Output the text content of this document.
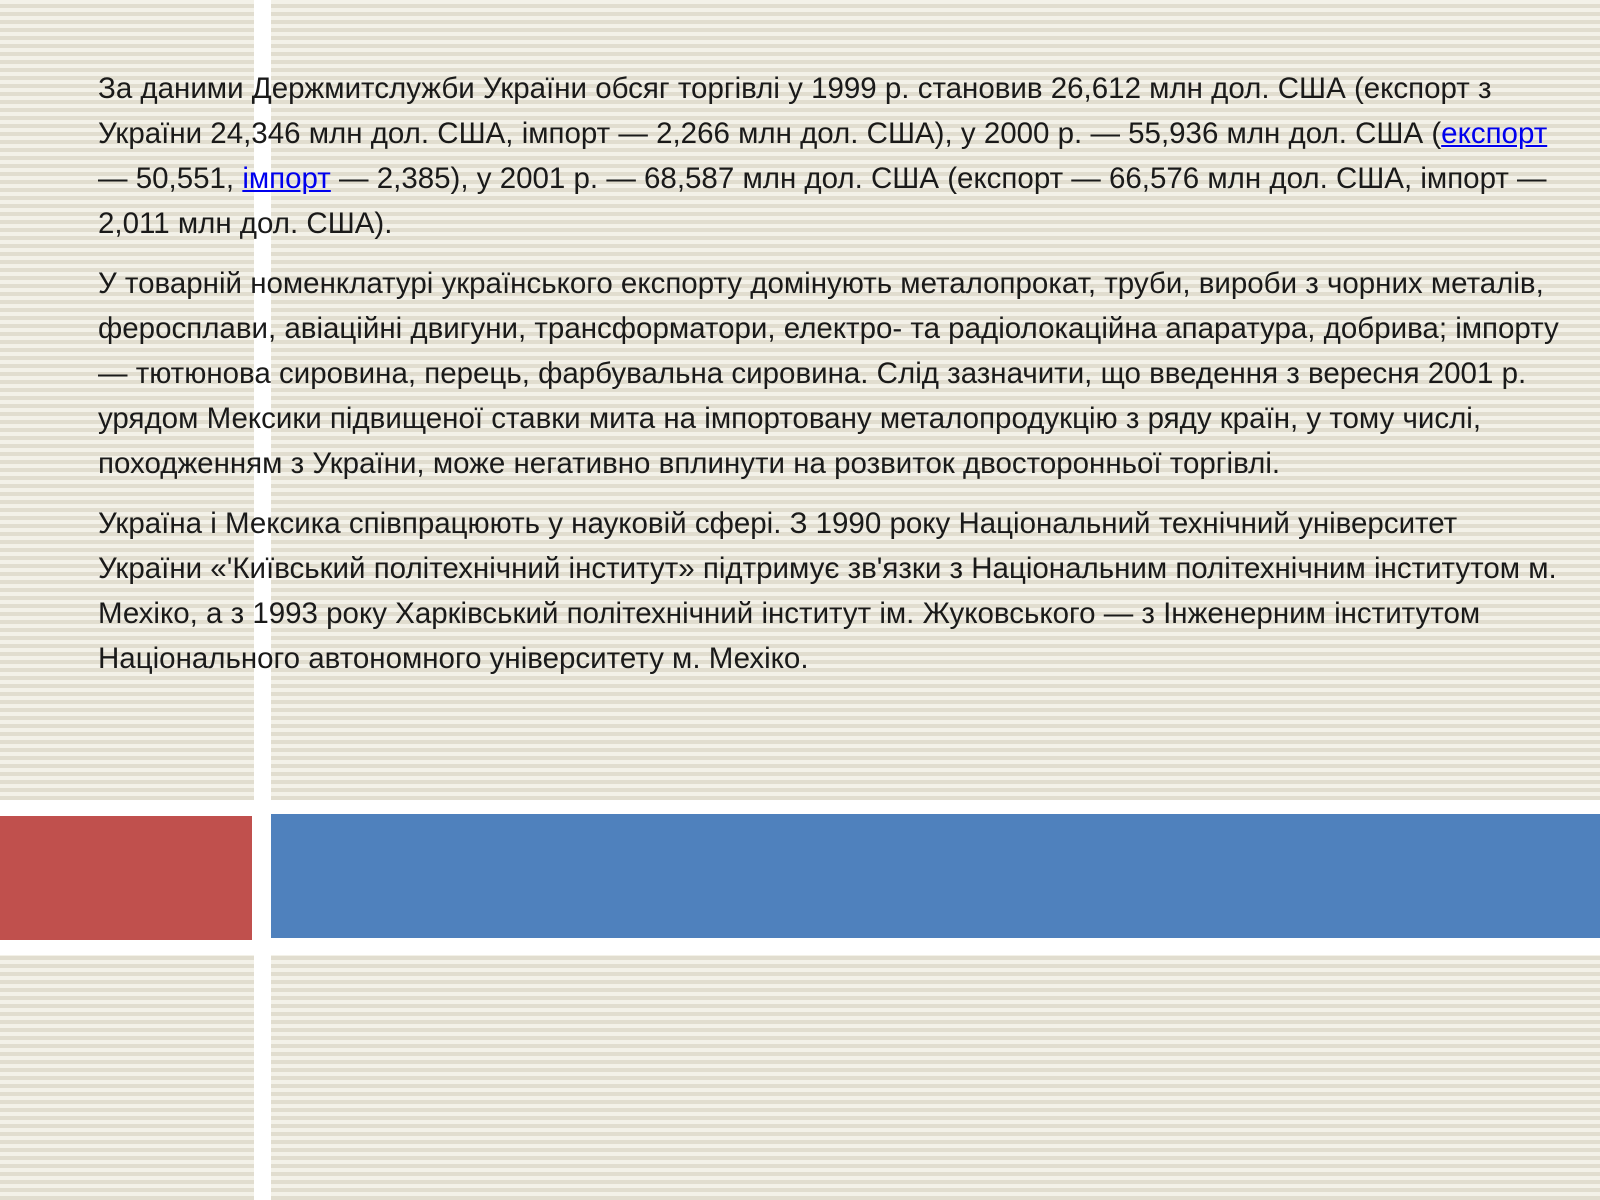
За даними Держмитслужби України обсяг торгівлі у 1999 р. становив 26,612 млн дол. США (експорт з України 24,346 млн дол. США, імпорт — 2,266 млн дол. США), у 2000 р. — 55,936 млн дол. США (експорт — 50,551, імпорт — 2,385), у 2001 р. — 68,587 млн дол. США (експорт — 66,576 млн дол. США, імпорт — 2,011 млн дол. США).

У товарній номенклатурі українського експорту домінують металопрокат, труби, вироби з чорних металів, феросплави, авіаційні двигуни, трансформатори, електро- та радіолокаційна апаратура, добрива; імпорту — тютюнова сировина, перець, фарбувальна сировина. Слід зазначити, що введення з вересня 2001 р. урядом Мексики підвищеної ставки мита на імпортовану металопродукцію з ряду країн, у тому числі, походженням з України, може негативно вплинути на розвиток двосторонньої торгівлі.

Україна і Мексика співпрацюють у науковій сфері. З 1990 року Національний технічний університет України «'Київський політехнічний інститут» підтримує зв'язки з Національним політехнічним інститутом м. Мехіко, а з 1993 року Харківський політехнічний інститут ім. Жуковського — з Інженерним інститутом Національного автономного університету м. Мехіко.
